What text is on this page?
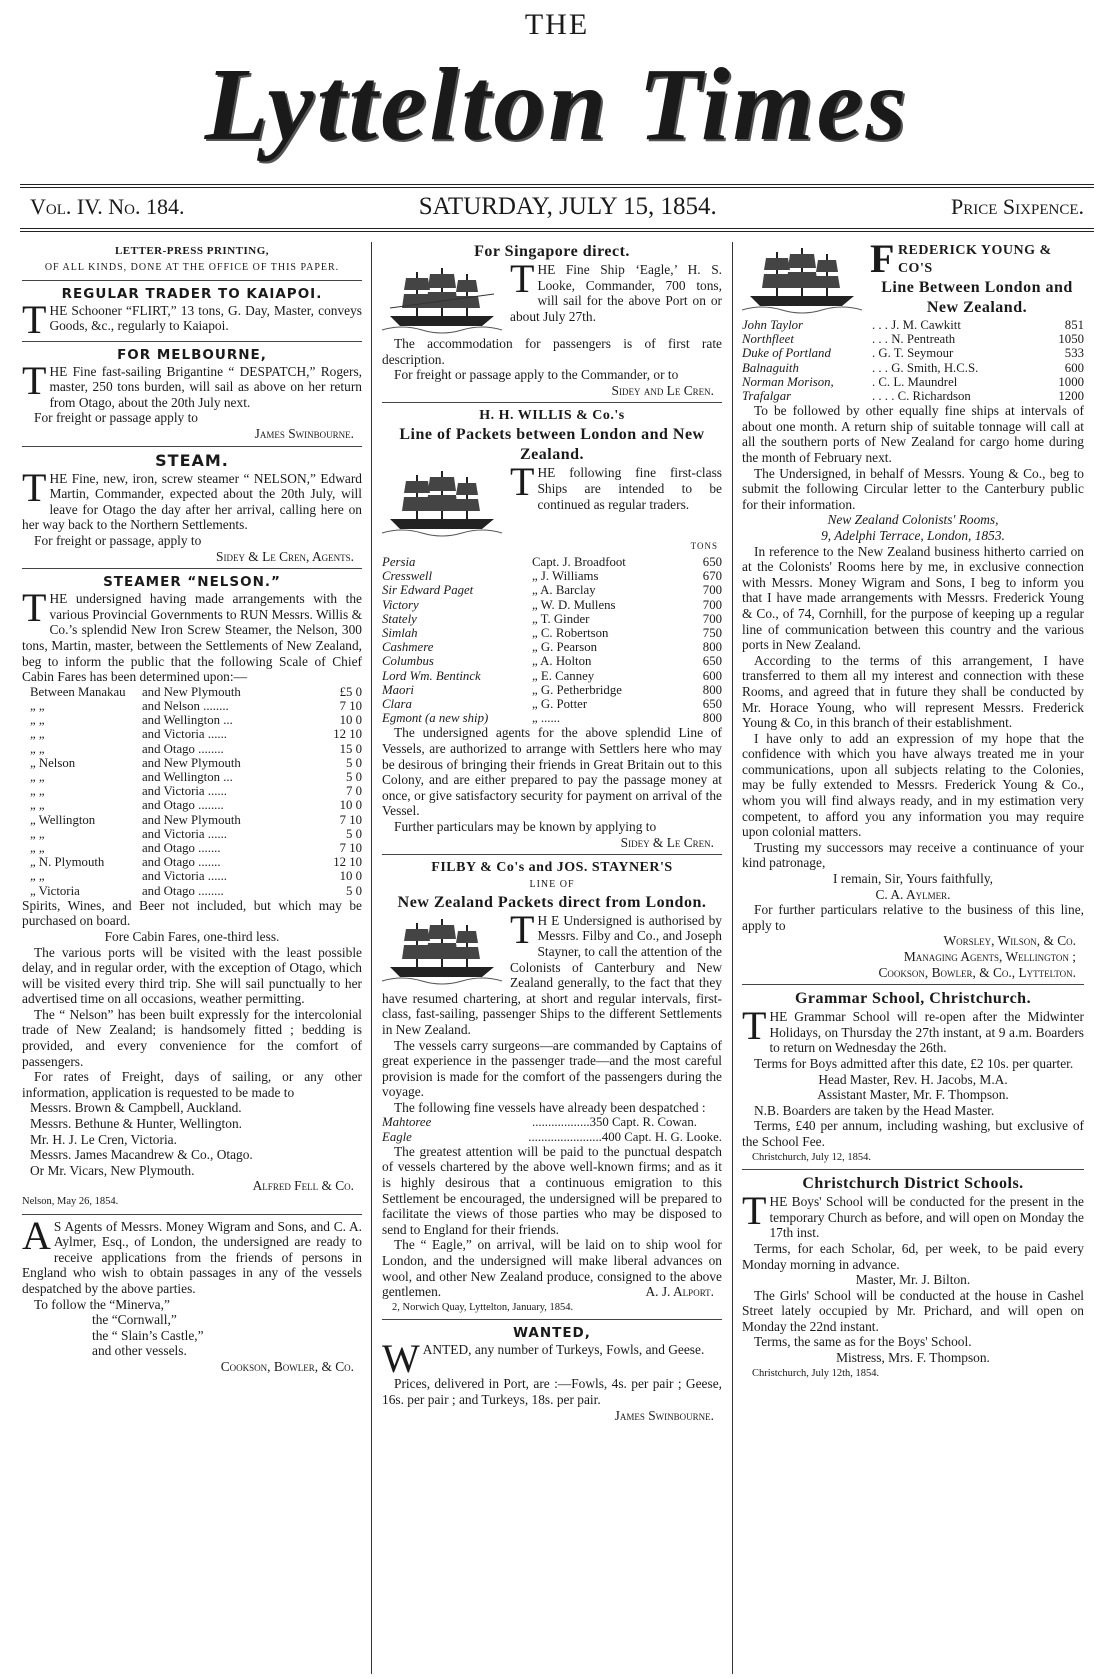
THE
Lyttelton Times
Vol. IV. No. 184.	SATURDAY, JULY 15, 1854.	Price Sixpence.
LETTER-PRESS PRINTING,
OF ALL KINDS, DONE AT THE OFFICE OF THIS PAPER.
REGULAR TRADER TO KAIAPOI.
THE Schooner “FLIRT,” 13 tons, G. Day, Master, conveys Goods, &c., regularly to Kaiapoi.
FOR MELBOURNE,
THE Fine fast-sailing Brigantine “ DESPATCH,” Rogers, master, 250 tons burden, will sail as above on her return from Otago, about the 20th July next.

For freight or passage apply to

James Swinbourne.
STEAM.
THE Fine, new, iron, screw steamer “ NELSON,” Edward Martin, Commander, expected about the 20th July, will leave for Otago the day after her arrival, calling here on her way back to the Northern Settlements.

For freight or passage, apply to

Sidey & Le Cren, Agents.
STEAMER “NELSON.”
THE undersigned having made arrangements with the various Provincial Governments to RUN Messrs. Willis & Co.’s splendid New Iron Screw Steamer, the Nelson, 300 tons, Martin, master, between the Settlements of New Zealand, beg to inform the public that the following Scale of Chief Cabin Fares has been determined upon:—
Between Manakau	and New Plymouth	£5 0
„ „	and Nelson ........	7 10
„ „	and Wellington ...	10 0
„ „	and Victoria ......	12 10
„ „	and Otago ........	15 0
„ Nelson	and New Plymouth	5 0
„ „	and Wellington ...	5 0
„ „	and Victoria ......	7 0
„ „	and Otago ........	10 0
„ Wellington	and New Plymouth	7 10
„ „	and Victoria ......	5 0
„ „	and Otago .......	7 10
„ N. Plymouth	and Otago .......	12 10
„ „	and Victoria ......	10 0
„ Victoria	and Otago ........	5 0
Spirits, Wines, and Beer not included, but which may be purchased on board.
Fore Cabin Fares, one-third less.

The various ports will be visited with the least possible delay, and in regular order, with the exception of Otago, which will be visited every third trip. She will sail punctually to her advertised time on all occasions, weather permitting.

The “ Nelson” has been built expressly for the intercolonial trade of New Zealand; is handsomely fitted ; bedding is provided, and every convenience for the comfort of passengers.

For rates of Freight, days of sailing, or any other information, application is requested to be made to

Messrs. Brown & Campbell, Auckland.
Messrs. Bethune & Hunter, Wellington.
Mr. H. J. Le Cren, Victoria.
Messrs. James Macandrew & Co., Otago.
Or Mr. Vicars, New Plymouth.
Alfred Fell & Co.
Nelson, May 26, 1854.
A S Agents of Messrs. Money Wigram and Sons, and C. A. Aylmer, Esq., of London, the undersigned are ready to receive applications from the friends of persons in England who wish to obtain passages in any of the vessels despatched by the above parties.

To follow the “Minerva,”

the “Cornwall,”
the “ Slain’s Castle,”
and other vessels.
Cookson, Bowler, & Co.
For Singapore direct.
THE Fine Ship ‘Eagle,’ H. S. Looke, Commander, 700 tons, will sail for the above Port on or about July 27th.

The accommodation for passengers is of first rate description.

For freight or passage apply to the Commander, or to

Sidey and Le Cren.
H. H. WILLIS & Co.'s
Line of Packets between London and New Zealand.
THE following fine first-class Ships are intended to be continued as regular traders.
TONS
Persia	Capt. J. Broadfoot	650
Cresswell	„ J. Williams	670
Sir Edward Paget	„ A. Barclay	700
Victory	„ W. D. Mullens	700
Stately	„ T. Ginder	700
Simlah	„ C. Robertson	750
Cashmere	„ G. Pearson	800
Columbus	„ A. Holton	650
Lord Wm. Bentinck	„ E. Canney	600
Maori	„ G. Petherbridge	800
Clara	„ G. Potter	650
Egmont (a new ship)	„ ......	800

The undersigned agents for the above splendid Line of Vessels, are authorized to arrange with Settlers here who may be desirous of bringing their friends in Great Britain out to this Colony, and are either prepared to pay the passage money at once, or give satisfactory security for payment on arrival of the Vessel.

Further particulars may be known by applying to
Sidey & Le Cren.

FILBY & Co's and JOS. STAYNER'S
LINE OF
New Zealand Packets direct from London.
T H E Undersigned is authorised by Messrs. Filby and Co., and Joseph Stayner, to call the attention of the Colonists of Canterbury and New Zealand generally, to the fact that they have resumed chartering, at short and regular intervals, first-class, fast-sailing, passenger Ships to the different Settlements in New Zealand.

The vessels carry surgeons—are commanded by Captains of great experience in the passenger trade—and the most careful provision is made for the comfort of the passengers during the voyage.

The following fine vessels have already been despatched :

Mahtoree	..................350 Capt. R. Cowan.
Eagle	.......................400 Capt. H. G. Looke.

The greatest attention will be paid to the punctual despatch of vessels chartered by the above well-known firms; and as it is highly desirous that a continuous emigration to this Settlement be encouraged, the undersigned will be prepared to facilitate the views of those parties who may be disposed to send to England for their friends.

The “ Eagle,” on arrival, will be laid on to ship wool for London, and the undersigned will make liberal advances on wool, and other New Zealand produce, consigned to the above gentlemen.	A. J. Alport.

2, Norwich Quay, Lyttelton, January, 1854.
WANTED,
WANTED, any number of Turkeys, Fowls, and Geese.

Prices, delivered in Port, are :—Fowls, 4s. per pair ; Geese, 16s. per pair ; and Turkeys, 18s. per pair.

James Swinbourne.
FREDERICK YOUNG & CO'S
Line Between London and New Zealand.
John Taylor	. . . J. M. Cawkitt	851
Northfleet	. . . N. Pentreath	1050
Duke of Portland	. G. T. Seymour	533
Balnaguith	. . . G. Smith, H.C.S.	600
Norman Morison,	. C. L. Maundrel	1000
Trafalgar	. . . . C. Richardson	1200

To be followed by other equally fine ships at intervals of about one month. A return ship of suitable tonnage will call at all the southern ports of New Zealand for cargo home during the month of February next.

The Undersigned, in behalf of Messrs. Young & Co., beg to submit the following Circular letter to the Canterbury public for their information.

New Zealand Colonists' Rooms,
9, Adelphi Terrace, London, 1853.

In reference to the New Zealand business hitherto carried on at the Colonists' Rooms here by me, in exclusive connection with Messrs. Money Wigram and Sons, I beg to inform you that I have made arrangements with Messrs. Frederick Young & Co., of 74, Cornhill, for the purpose of keeping up a regular line of communication between this country and the various ports in New Zealand.

According to the terms of this arrangement, I have transferred to them all my interest and connection with these Rooms, and agreed that in future they shall be conducted by Mr. Horace Young, who will represent Messrs. Frederick Young & Co, in this branch of their establishment.

I have only to add an expression of my hope that the confidence with which you have always treated me in your communications, upon all subjects relating to the Colonies, may be fully extended to Messrs. Frederick Young & Co., whom you will find always ready, and in my estimation very competent, to afford you any information you may require upon colonial matters.

Trusting my successors may receive a continuance of your kind patronage,

I remain, Sir, Yours faithfully,
C. A. Aylmer.

For further particulars relative to the business of this line, apply to

Worsley, Wilson, & Co.
Managing Agents, Wellington ;
Cookson, Bowler, & Co., Lyttelton.
Grammar School, Christchurch.
THE Grammar School will re-open after the Midwinter Holidays, on Thursday the 27th instant, at 9 a.m. Boarders to return on Wednesday the 26th.

Terms for Boys admitted after this date, £2 10s. per quarter.

Head Master, Rev. H. Jacobs, M.A.
Assistant Master, Mr. F. Thompson.

N.B. Boarders are taken by the Head Master.

Terms, £40 per annum, including washing, but exclusive of the School Fee.

Christchurch, July 12, 1854.
Christchurch District Schools.
THE Boys' School will be conducted for the present in the temporary Church as before, and will open on Monday the 17th inst.

Terms, for each Scholar, 6d, per week, to be paid every Monday morning in advance.

Master, Mr. J. Bilton.

The Girls' School will be conducted at the house in Cashel Street lately occupied by Mr. Prichard, and will open on Monday the 22nd instant.

Terms, the same as for the Boys' School.

Mistress, Mrs. F. Thompson.
Christchurch, July 12th, 1854.
